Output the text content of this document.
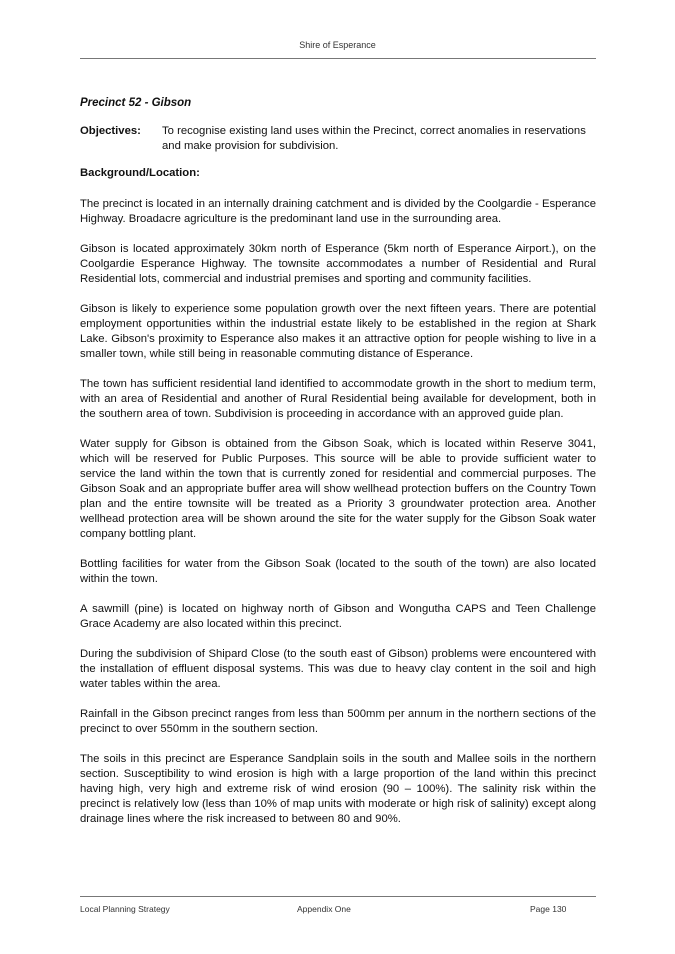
Shire of Esperance
Precinct 52 - Gibson
Objectives:	To recognise existing land uses within the Precinct, correct anomalies in reservations and make provision for subdivision.
Background/Location:

The precinct is located in an internally draining catchment and is divided by the Coolgardie - Esperance Highway. Broadacre agriculture is the predominant land use in the surrounding area.

Gibson is located approximately 30km north of Esperance (5km north of Esperance Airport.), on the Coolgardie Esperance Highway. The townsite accommodates a number of Residential and Rural Residential lots, commercial and industrial premises and sporting and community facilities.

Gibson is likely to experience some population growth over the next fifteen years. There are potential employment opportunities within the industrial estate likely to be established in the region at Shark Lake. Gibson's proximity to Esperance also makes it an attractive option for people wishing to live in a smaller town, while still being in reasonable commuting distance of Esperance.

The town has sufficient residential land identified to accommodate growth in the short to medium term, with an area of Residential and another of Rural Residential being available for development, both in the southern area of town. Subdivision is proceeding in accordance with an approved guide plan.

Water supply for Gibson is obtained from the Gibson Soak, which is located within Reserve 3041, which will be reserved for Public Purposes. This source will be able to provide sufficient water to service the land within the town that is currently zoned for residential and commercial purposes. The Gibson Soak and an appropriate buffer area will show wellhead protection buffers on the Country Town plan and the entire townsite will be treated as a Priority 3 groundwater protection area. Another wellhead protection area will be shown around the site for the water supply for the Gibson Soak water company bottling plant.

Bottling facilities for water from the Gibson Soak (located to the south of the town) are also located within the town.

A sawmill (pine) is located on highway north of Gibson and Wongutha CAPS and Teen Challenge Grace Academy are also located within this precinct.

During the subdivision of Shipard Close (to the south east of Gibson) problems were encountered with the installation of effluent disposal systems. This was due to heavy clay content in the soil and high water tables within the area.

Rainfall in the Gibson precinct ranges from less than 500mm per annum in the northern sections of the precinct to over 550mm in the southern section.

The soils in this precinct are Esperance Sandplain soils in the south and Mallee soils in the northern section. Susceptibility to wind erosion is high with a large proportion of the land within this precinct having high, very high and extreme risk of wind erosion (90 – 100%). The salinity risk within the precinct is relatively low (less than 10% of map units with moderate or high risk of salinity) except along drainage lines where the risk increased to between 80 and 90%.

Local Planning Strategy	Appendix One	Page 130
